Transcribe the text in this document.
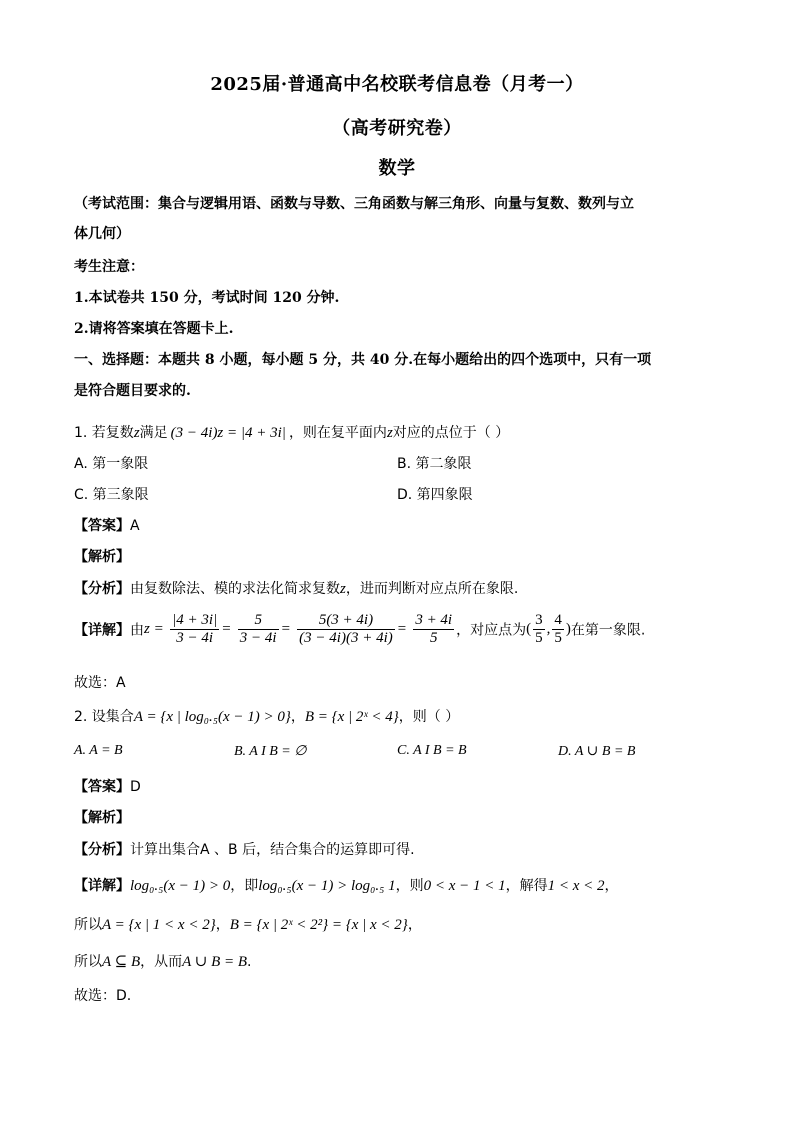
2025届·普通高中名校联考信息卷（月考一）
（高考研究卷）
数学
（考试范围：集合与逻辑用语、函数与导数、三角函数与解三角形、向量与复数、数列与立
体几何）
考生注意：
1.本试卷共 150 分，考试时间 120 分钟.
2.请将答案填在答题卡上.
一、选择题：本题共 8 小题，每小题 5 分，共 40 分.在每小题给出的四个选项中，只有一项
是符合题目要求的.
1. 若复数z满足 (3 − 4i)z = |4 + 3i| ，则在复平面内z对应的点位于（ ）
A. 第一象限	B. 第二象限
C. 第三象限	D. 第四象限
【答案】A
【解析】
【分析】由复数除法、模的求法化简求复数z，进而判断对应点所在象限.
【详解】由$z = \frac{|4 + 3i|}{3 - 4i} = \frac{5}{3 - 4i} = \frac{5(3 + 4i)}{(3 - 4i)(3 + 4i)} = \frac{3 + 4i}{5}$ ，对应点为( $\frac{3}{5}$ , $\frac{4}{5}$ )在第一象限.
故选：A
2. 设集合A = {x | log₀.₅(x − 1) > 0}，B = {x | 2ˣ < 4}，则（ ）
A. A = B	B. A I B = ∅	C. A I B = B	D. A ∪ B = B
【答案】D
【解析】
【分析】计算出集合A 、B 后，结合集合的运算即可得.
【详解】log₀.₅(x − 1) > 0，即log₀.₅(x − 1) > log₀.₅ 1，则0 < x − 1 < 1，解得1 < x < 2，
所以A = {x | 1 < x < 2}，B = {x | 2ˣ < 2²} = {x | x < 2}，
所以A ⊆ B，从而A ∪ B = B.
故选：D.
